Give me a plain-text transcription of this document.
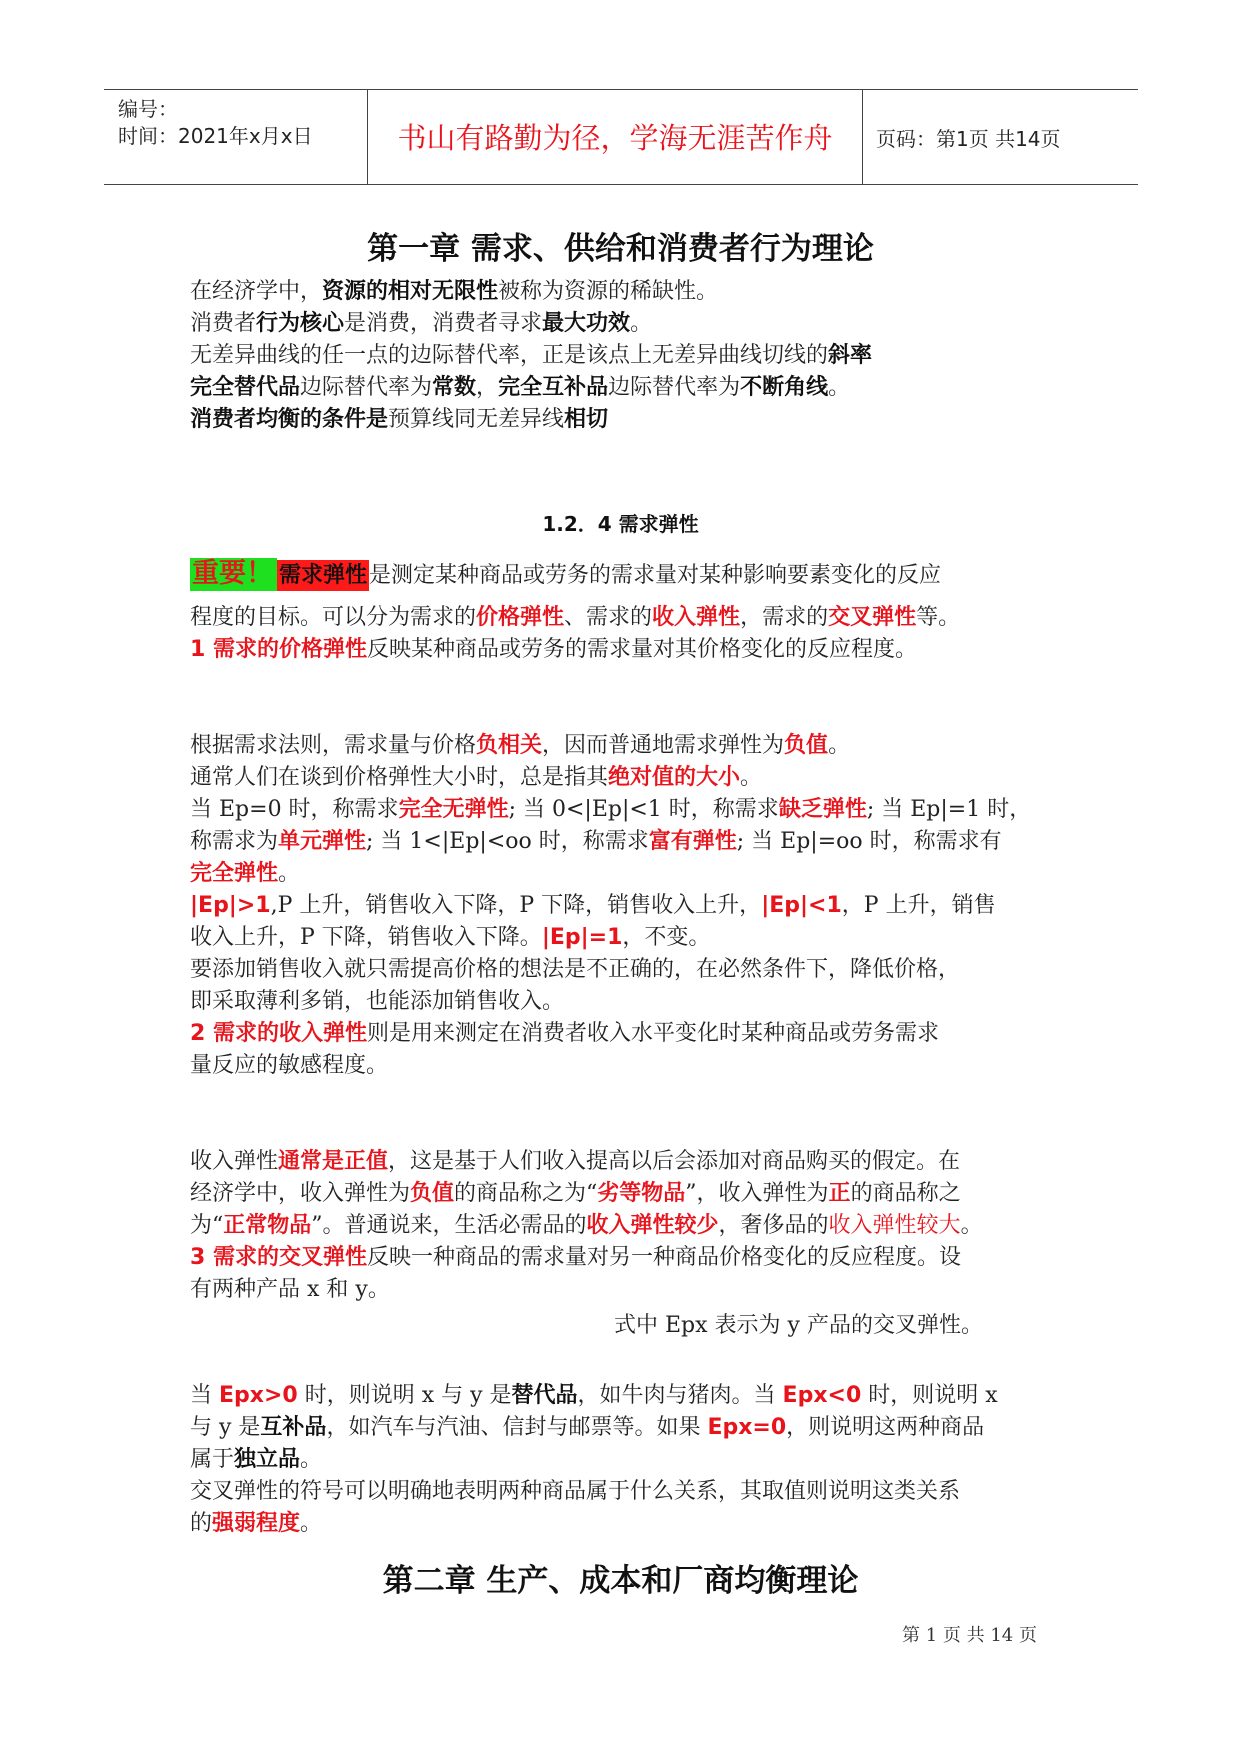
编号：
时间：2021年x月x日	书山有路勤为径，学海无涯苦作舟	页码：第1页 共14页
第一章 需求、供给和消费者行为理论
在经济学中，资源的相对无限性被称为资源的稀缺性。
消费者行为核心是消费，消费者寻求最大功效。
无差异曲线的任一点的边际替代率，正是该点上无差异曲线切线的斜率
完全替代品边际替代率为常数，完全互补品边际替代率为不断角线。
消费者均衡的条件是预算线同无差异线相切
1.2．4 需求弹性
重要！ 需求弹性是测定某种商品或劳务的需求量对某种影响要素变化的反应
程度的目标。可以分为需求的价格弹性、需求的收入弹性，需求的交叉弹性等。
1 需求的价格弹性反映某种商品或劳务的需求量对其价格变化的反应程度。
根据需求法则，需求量与价格负相关，因而普通地需求弹性为负值。
通常人们在谈到价格弹性大小时，总是指其绝对值的大小。
当 Ep=0 时，称需求完全无弹性; 当 0<|Ep|<1 时，称需求缺乏弹性; 当 Ep|=1 时，
称需求为单元弹性; 当 1<|Ep|<oo 时，称需求富有弹性; 当 Ep|=oo 时，称需求有
完全弹性。
|Ep|>1,P 上升，销售收入下降，P 下降，销售收入上升，|Ep|<1，P 上升，销售
收入上升，P 下降，销售收入下降。|Ep|=1，不变。
要添加销售收入就只需提高价格的想法是不正确的，在必然条件下，降低价格，
即采取薄利多销，也能添加销售收入。
2 需求的收入弹性则是用来测定在消费者收入水平变化时某种商品或劳务需求
量反应的敏感程度。
收入弹性通常是正值，这是基于人们收入提高以后会添加对商品购买的假定。在
经济学中，收入弹性为负值的商品称之为“劣等物品”，收入弹性为正的商品称之
为“正常物品”。普通说来，生活必需品的收入弹性较少，奢侈品的收入弹性较大。
3 需求的交叉弹性反映一种商品的需求量对另一种商品价格变化的反应程度。设
有两种产品 x 和 y。
式中 Epx 表示为 y 产品的交叉弹性。
当 Epx>0 时，则说明 x 与 y 是替代品，如牛肉与猪肉。当 Epx<0 时，则说明 x
与 y 是互补品，如汽车与汽油、信封与邮票等。如果 Epx=0，则说明这两种商品
属于独立品。
交叉弹性的符号可以明确地表明两种商品属于什么关系，其取值则说明这类关系
的强弱程度。
第二章 生产、成本和厂商均衡理论
第 1 页 共 14 页
